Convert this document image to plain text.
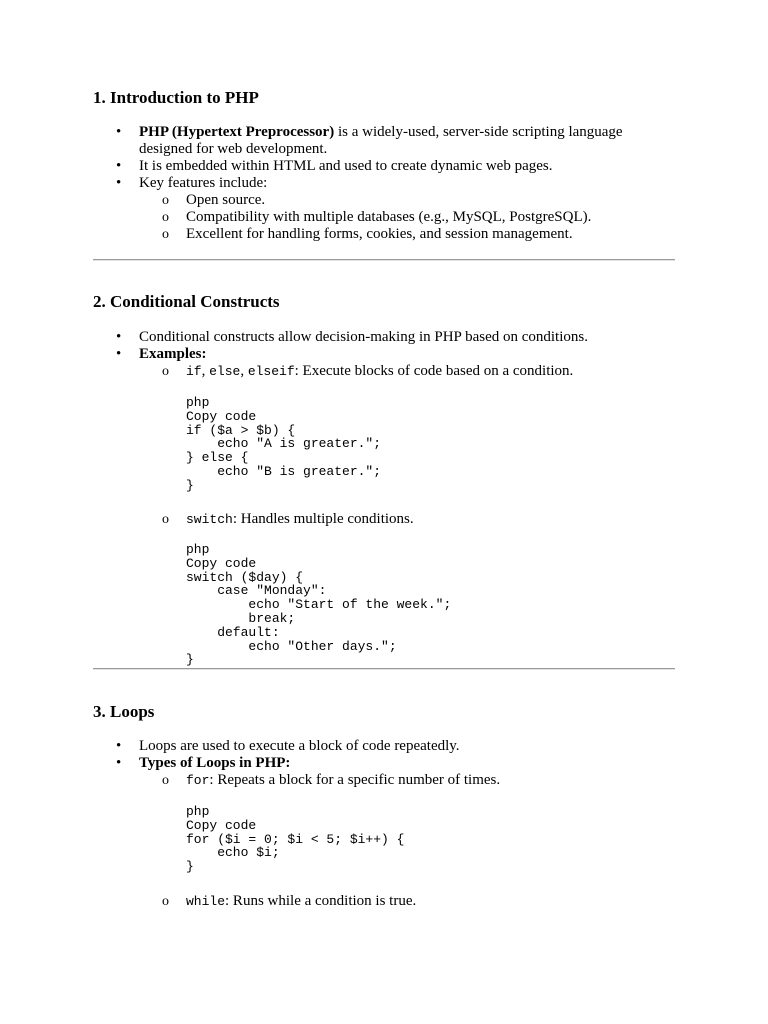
1. Introduction to PHP
• PHP (Hypertext Preprocessor) is a widely-used, server-side scripting language
designed for web development.
• It is embedded within HTML and used to create dynamic web pages.
• Key features include:
o Open source.
o Compatibility with multiple databases (e.g., MySQL, PostgreSQL).
o Excellent for handling forms, cookies, and session management.
2. Conditional Constructs
• Conditional constructs allow decision-making in PHP based on conditions.
• Examples:
o if, else, elseif: Execute blocks of code based on a condition.
php
Copy code
if ($a > $b) {
echo "A is greater.";
} else {
echo "B is greater.";
}
o switch: Handles multiple conditions.
php
Copy code
switch ($day) {
case "Monday":
echo "Start of the week.";
break;
default:
echo "Other days.";
}
3. Loops
• Loops are used to execute a block of code repeatedly.
• Types of Loops in PHP:
o for: Repeats a block for a specific number of times.
php
Copy code
for ($i = 0; $i < 5; $i++) {
echo $i;
}
o while: Runs while a condition is true.
